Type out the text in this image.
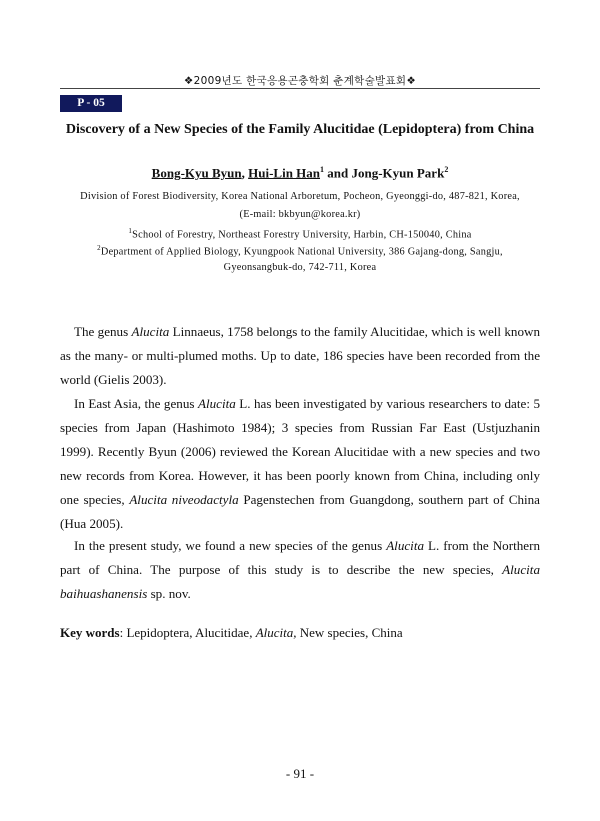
❖2009년도 한국응용곤충학회 춘계학술발표회❖
P - 05
Discovery of a New Species of the Family Alucitidae (Lepidoptera) from China
Bong-Kyu Byun, Hui-Lin Han$^1$ and Jong-Kyun Park$^2$
Division of Forest Biodiversity, Korea National Arboretum, Pocheon, Gyeonggi-do, 487-821, Korea,
(E-mail: bkbyun@korea.kr)
$^1$School of Forestry, Northeast Forestry University, Harbin, CH-150040, China
$^2$Department of Applied Biology, Kyungpook National University, 386 Gajang-dong, Sangju,
Gyeonsangbuk-do, 742-711, Korea

The genus Alucita Linnaeus, 1758 belongs to the family Alucitidae, which is well known as the many- or multi-plumed moths. Up to date, 186 species have been recorded from the world (Gielis 2003).

In East Asia, the genus Alucita L. has been investigated by various researchers to date: 5 species from Japan (Hashimoto 1984); 3 species from Russian Far East (Ustjuzhanin 1999). Recently Byun (2006) reviewed the Korean Alucitidae with a new species and two new records from Korea. However, it has been poorly known from China, including only one species, Alucita niveodactyla Pagenstechen from Guangdong, southern part of China (Hua 2005).

In the present study, we found a new species of the genus Alucita L. from the Northern part of China. The purpose of this study is to describe the new species, Alucita baihuashanensis sp. nov.

Key words: Lepidoptera, Alucitidae, Alucita, New species, China
- 91 -
